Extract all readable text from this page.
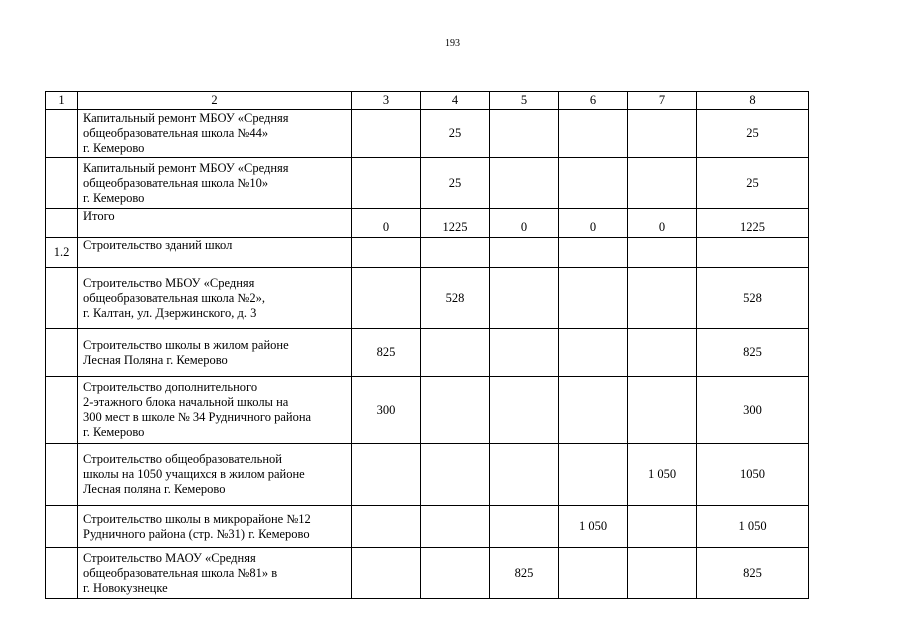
193
1	2	3	4	5	6	7	8
	Капитальный ремонт МБОУ «Средняя
общеобразовательная школа №44»
г. Кемерово		25				25
	Капитальный ремонт МБОУ «Средняя
общеобразовательная школа №10»
г. Кемерово		25				25
	Итого	0	1225	0	0	0	1225
1.2	Строительство зданий школ						
	Строительство МБОУ «Средняя
общеобразовательная школа №2»,
г. Калтан, ул. Дзержинского, д. 3		528				528
	Строительство школы в жилом районе
Лесная Поляна г. Кемерово	825					825
	Строительство дополнительного
2-этажного блока начальной школы на
300 мест в школе № 34 Рудничного района
г. Кемерово	300					300
	Строительство общеобразовательной
школы на 1050 учащихся в жилом районе
Лесная поляна г. Кемерово					1 050	1050
	Строительство школы в микрорайоне №12
Рудничного района (стр. №31) г. Кемерово				1 050		1 050
	Строительство МАОУ «Средняя
общеобразовательная школа №81» в
г. Новокузнецке			825			825
